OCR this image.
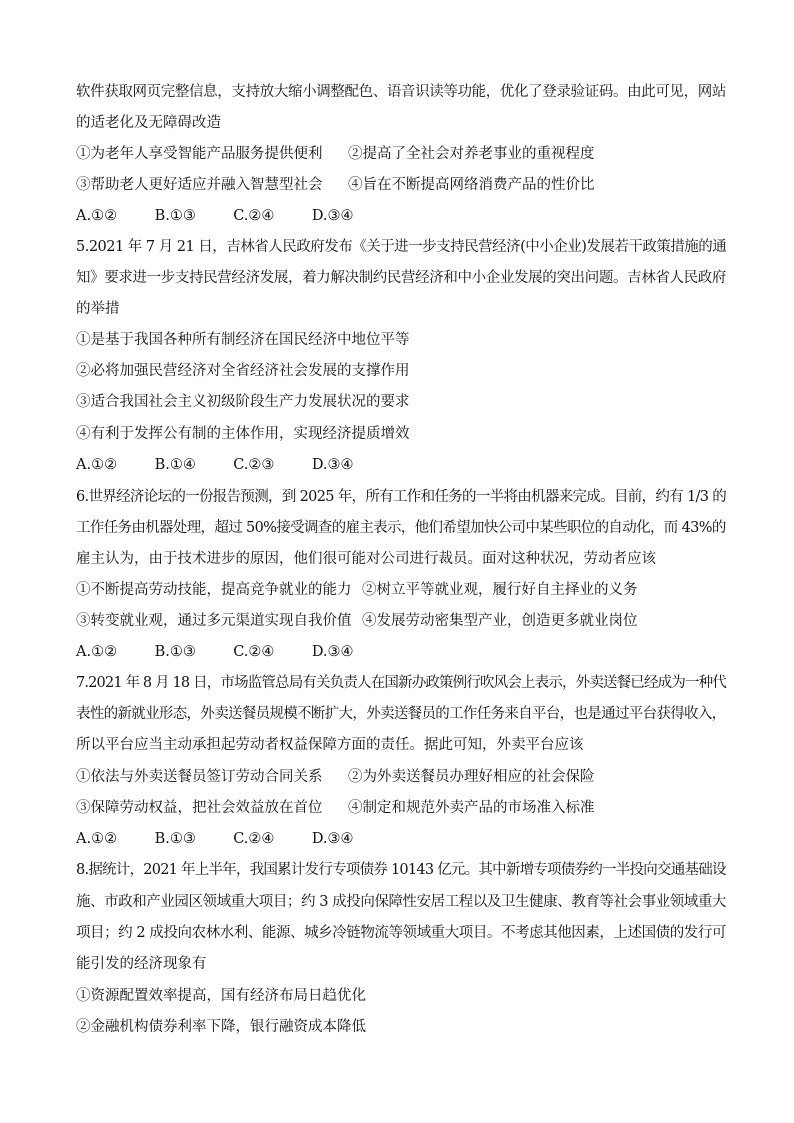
软件获取网页完整信息，支持放大缩小调整配色、语音识读等功能，优化了登录验证码。由此可见，网站
的适老化及无障碍改造
①为老年人享受智能产品服务提供便利 ②提高了全社会对养老事业的重视程度
③帮助老人更好适应并融入智慧型社会 ④旨在不断提高网络消费产品的性价比
A.①②	B.①③	C.②④	D.③④
5.2021 年 7 月 21 日，吉林省人民政府发布《关于进一步支持民营经济(中小企业)发展若干政策措施的通
知》要求进一步支持民营经济发展，着力解决制约民营经济和中小企业发展的突出问题。吉林省人民政府
的举措
①是基于我国各种所有制经济在国民经济中地位平等
②必将加强民营经济对全省经济社会发展的支撑作用
③适合我国社会主义初级阶段生产力发展状况的要求
④有利于发挥公有制的主体作用，实现经济提质增效
A.①②	B.①④	C.②③	D.③④
6.世界经济论坛的一份报告预测，到 2025 年，所有工作和任务的一半将由机器来完成。目前，约有 1/3 的
工作任务由机器处理，超过 50%接受调查的雇主表示，他们希望加快公司中某些职位的自动化，而 43%的
雇主认为，由于技术进步的原因，他们很可能对公司进行裁员。面对这种状况，劳动者应该
①不断提高劳动技能，提高竞争就业的能力 ②树立平等就业观，履行好自主择业的义务
③转变就业观，通过多元渠道实现自我价值 ④发展劳动密集型产业，创造更多就业岗位
A.①②	B.①③	C.②④	D.③④
7.2021 年 8 月 18 日，市场监管总局有关负责人在国新办政策例行吹风会上表示，外卖送餐已经成为一种代
表性的新就业形态，外卖送餐员规模不断扩大，外卖送餐员的工作任务来自平台，也是通过平台获得收入，
所以平台应当主动承担起劳动者权益保障方面的责任。据此可知，外卖平台应该
①依法与外卖送餐员签订劳动合同关系 ②为外卖送餐员办理好相应的社会保险
③保障劳动权益，把社会效益放在首位 ④制定和规范外卖产品的市场准入标准
A.①②	B.①③	C.②④	D.③④
8.据统计，2021 年上半年，我国累计发行专项债券 10143 亿元。其中新增专项债券约一半投向交通基础设
施、市政和产业园区领域重大项目；约 3 成投向保障性安居工程以及卫生健康、教育等社会事业领域重大
项目；约 2 成投向农林水利、能源、城乡冷链物流等领域重大项目。不考虑其他因素，上述国债的发行可
能引发的经济现象有
①资源配置效率提高，国有经济布局日趋优化
②金融机构债券利率下降，银行融资成本降低
